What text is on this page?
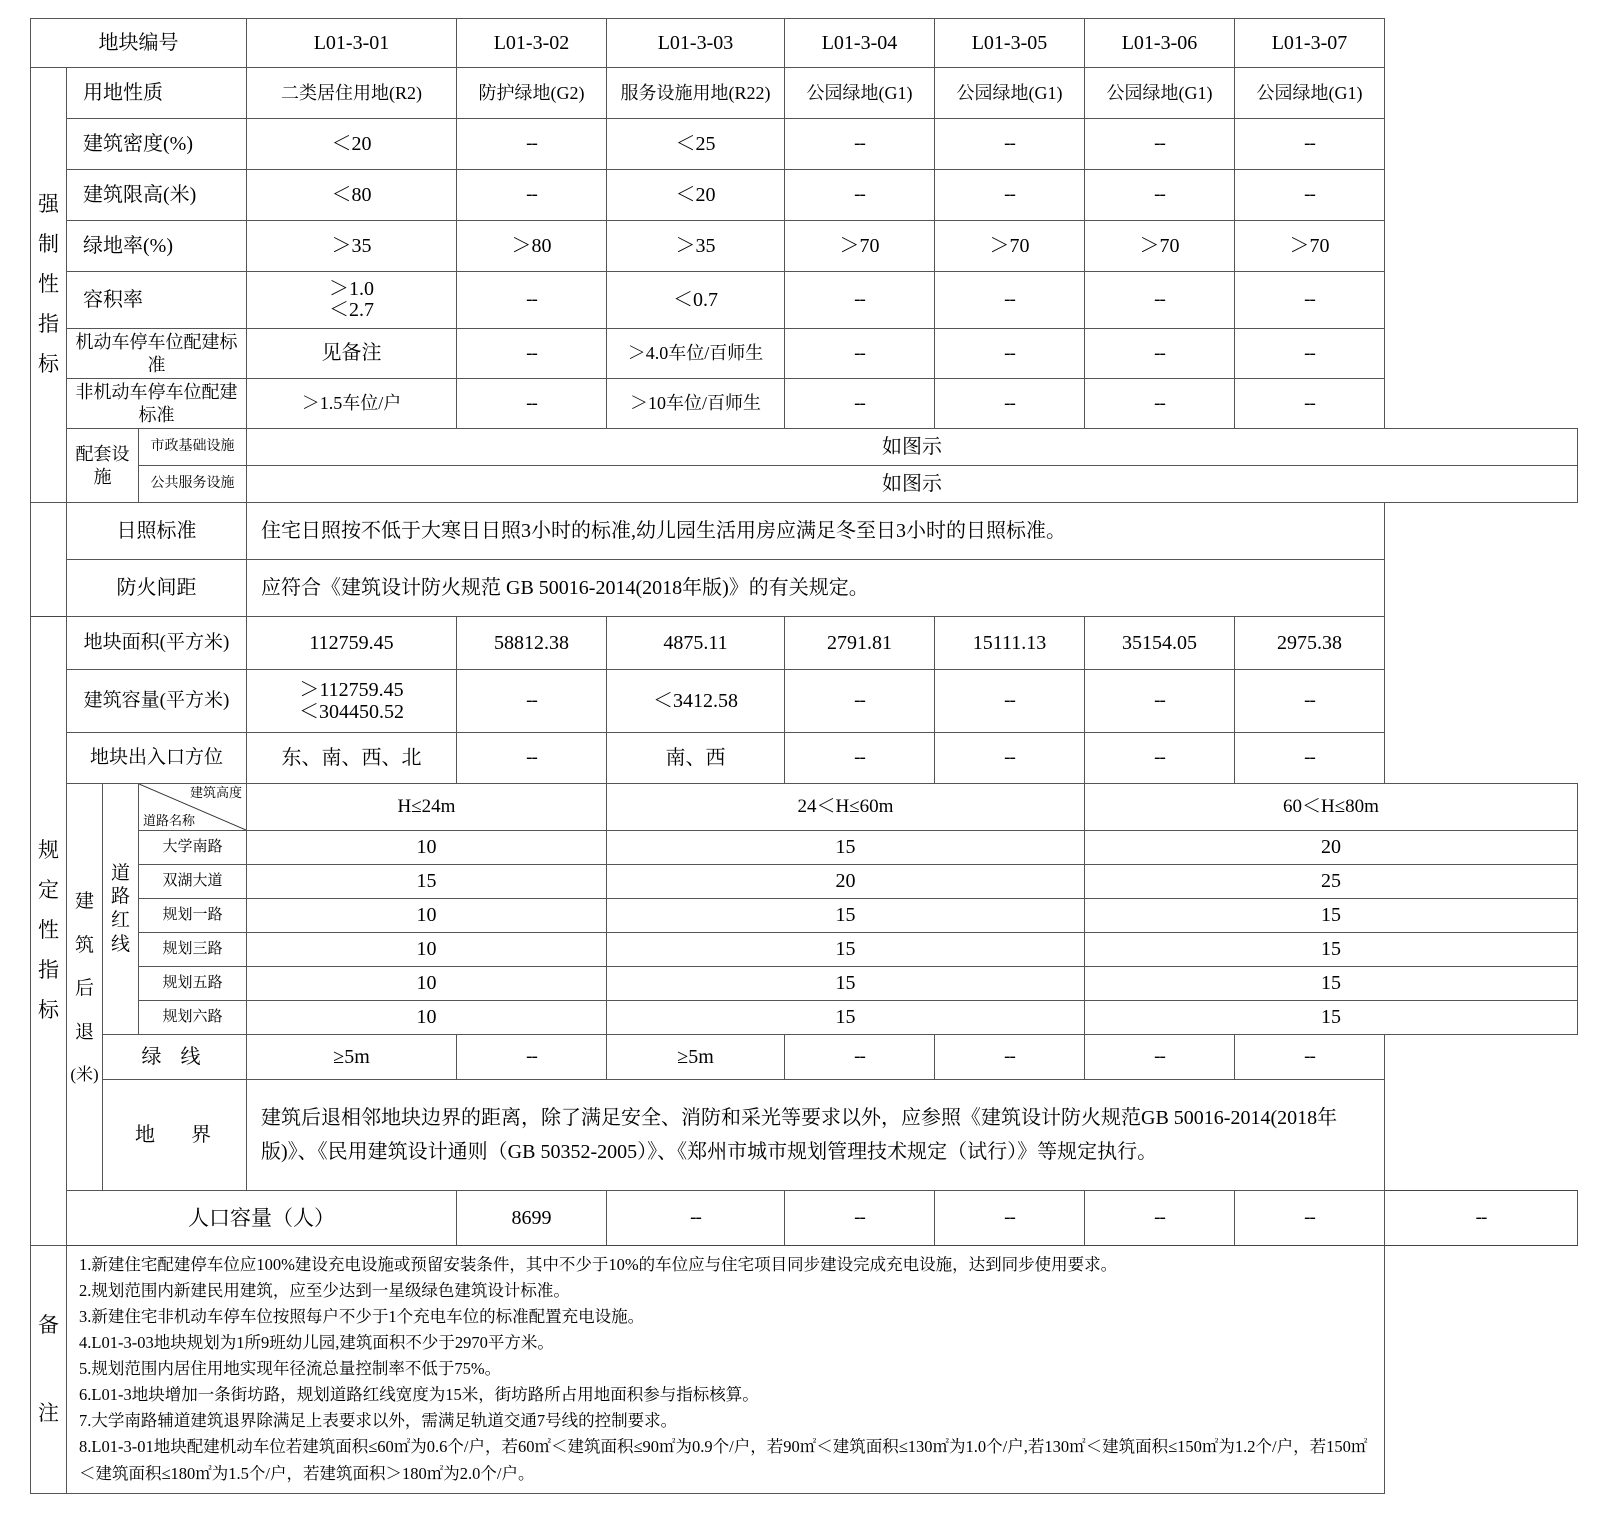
地块编号				L01-3-01	L01-3-02	L01-3-03	L01-3-04	L01-3-05	L01-3-06	L01-3-07	

强
制
性
指
标	用地性质			二类居住用地(R2)	防护绿地(G2)	服务设施用地(R22)	公园绿地(G1)	公园绿地(G1)	公园绿地(G1)	公园绿地(G1)	
	建筑密度(%)			＜20	--	＜25	--	--	--	--	
	建筑限高(米)			＜80	--	＜20	--	--	--	--	
	绿地率(%)			＞35	＞80	＞35	＞70	＞70	＞70	＞70	
	容积率			＞1.0
＜2.7	--	＜0.7	--	--	--	--	
	机动车停车位配建标准			见备注	--	＞4.0车位/百师生	--	--	--	--	
	非机动车停车位配建标准			＞1.5车位/户	--	＞10车位/百师生	--	--	--	--	
	配套设施		市政基础设施	如图示							
			公共服务设施	如图示							
	日照标准			住宅日照按不低于大寒日日照3小时的标准,幼儿园生活用房应满足冬至日3小时的日照标准。							
	防火间距			应符合《建筑设计防火规范 GB 50016-2014(2018年版)》的有关规定。							

规
定
性
指
标	地块面积(平方米)			112759.45	58812.38	4875.11	2791.81	15111.13	35154.05	2975.38	
	建筑容量(平方米)			＞112759.45
＜304450.52	--	＜3412.58	--	--	--	--	
	地块出入口方位			东、南、西、北	--	南、西	--	--	--	--	

	建
筑
后
退
(米)	道路
红线	建筑高度
道路名称	H≤24m		24＜H≤60m			60＜H≤80m		
			大学南路	10		15			20		
			双湖大道	15		20			25		
			规划一路	10		15			15		
			规划三路	10		15			15		
			规划五路	10		15			15		
			规划六路	10		15			15		
		绿 线		≥5m	--	≥5m	--	--	--	--	
		地　界		建筑后退相邻地块边界的距离，除了满足安全、消防和采光等要求以外，应参照《建筑设计防火规范GB 50016-2014(2018年版)》、《民用建筑设计通则（GB 50352-2005）》、《郑州市城市规划管理技术规定（试行）》等规定执行。							
	人口容量（人）				8699	--	--	--	--	--	--

备
注

1.新建住宅配建停车位应100%建设充电设施或预留安装条件，其中不少于10%的车位应与住宅项目同步建设完成充电设施，达到同步使用要求。
2.规划范围内新建民用建筑，应至少达到一星级绿色建筑设计标准。
3.新建住宅非机动车停车位按照每户不少于1个充电车位的标准配置充电设施。
4.L01-3-03地块规划为1所9班幼儿园,建筑面积不少于2970平方米。
5.规划范围内居住用地实现年径流总量控制率不低于75%。
6.L01-3地块增加一条街坊路，规划道路红线宽度为15米，街坊路所占用地面积参与指标核算。
7.大学南路辅道建筑退界除满足上表要求以外，需满足轨道交通7号线的控制要求。
8.L01-3-01地块配建机动车位若建筑面积≤60㎡为0.6个/户，若60㎡＜建筑面积≤90㎡为0.9个/户，若90㎡＜建筑面积≤130㎡为1.0个/户,若130㎡＜建筑面积≤150㎡为1.2个/户，若150㎡＜建筑面积≤180㎡为1.5个/户，若建筑面积＞180㎡为2.0个/户。
